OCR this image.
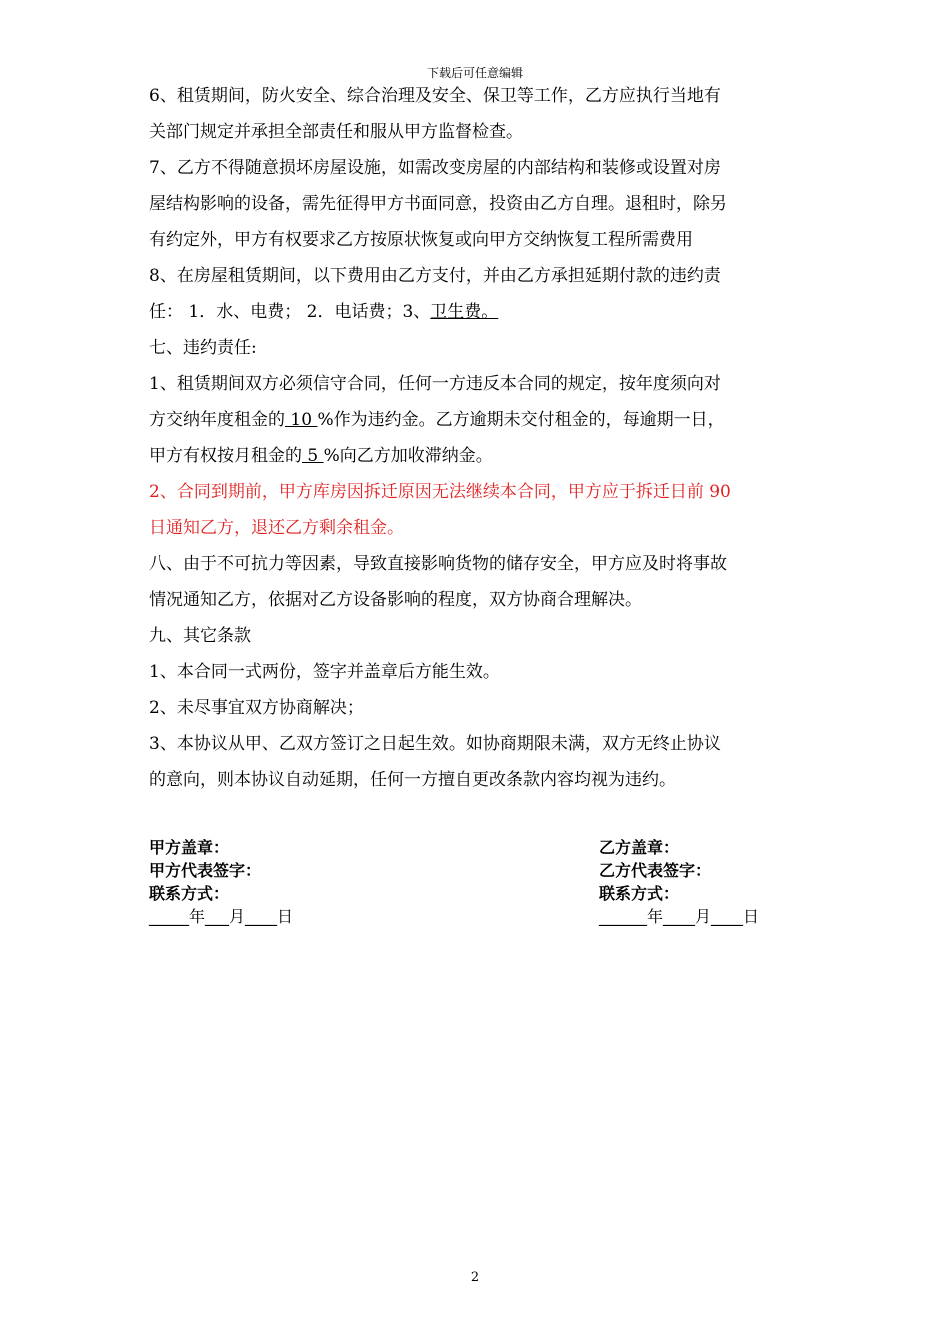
下载后可任意编辑
6、租赁期间，防火安全、综合治理及安全、保卫等工作，乙方应执行当地有
关部门规定并承担全部责任和服从甲方监督检查。
7、乙方不得随意损坏房屋设施，如需改变房屋的内部结构和装修或设置对房
屋结构影响的设备，需先征得甲方书面同意，投资由乙方自理。退租时，除另
有约定外，甲方有权要求乙方按原状恢复或向甲方交纳恢复工程所需费用
8、在房屋租赁期间，以下费用由乙方支付，并由乙方承担延期付款的违约责
任： 1．水、电费； 2．电话费；3、卫生费。
七、违约责任:
1、租赁期间双方必须信守合同，任何一方违反本合同的规定，按年度须向对
方交纳年度租金的 10 %作为违约金。乙方逾期未交付租金的，每逾期一日，
甲方有权按月租金的 5 %向乙方加收滞纳金。
2、合同到期前，甲方库房因拆迁原因无法继续本合同，甲方应于拆迁日前 90
日通知乙方，退还乙方剩余租金。
八、由于不可抗力等因素，导致直接影响货物的储存安全，甲方应及时将事故
情况通知乙方，依据对乙方设备影响的程度，双方协商合理解决。
九、其它条款
1、本合同一式两份，签字并盖章后方能生效。
2、未尽事宜双方协商解决；
3、本协议从甲、乙双方签订之日起生效。如协商期限未满，双方无终止协议
的意向，则本协议自动延期，任何一方擅自更改条款内容均视为违约。
甲方盖章：
甲方代表签字：
联系方式：
_____年___月____日
乙方盖章：
乙方代表签字：
联系方式：
______年____月____日
2
